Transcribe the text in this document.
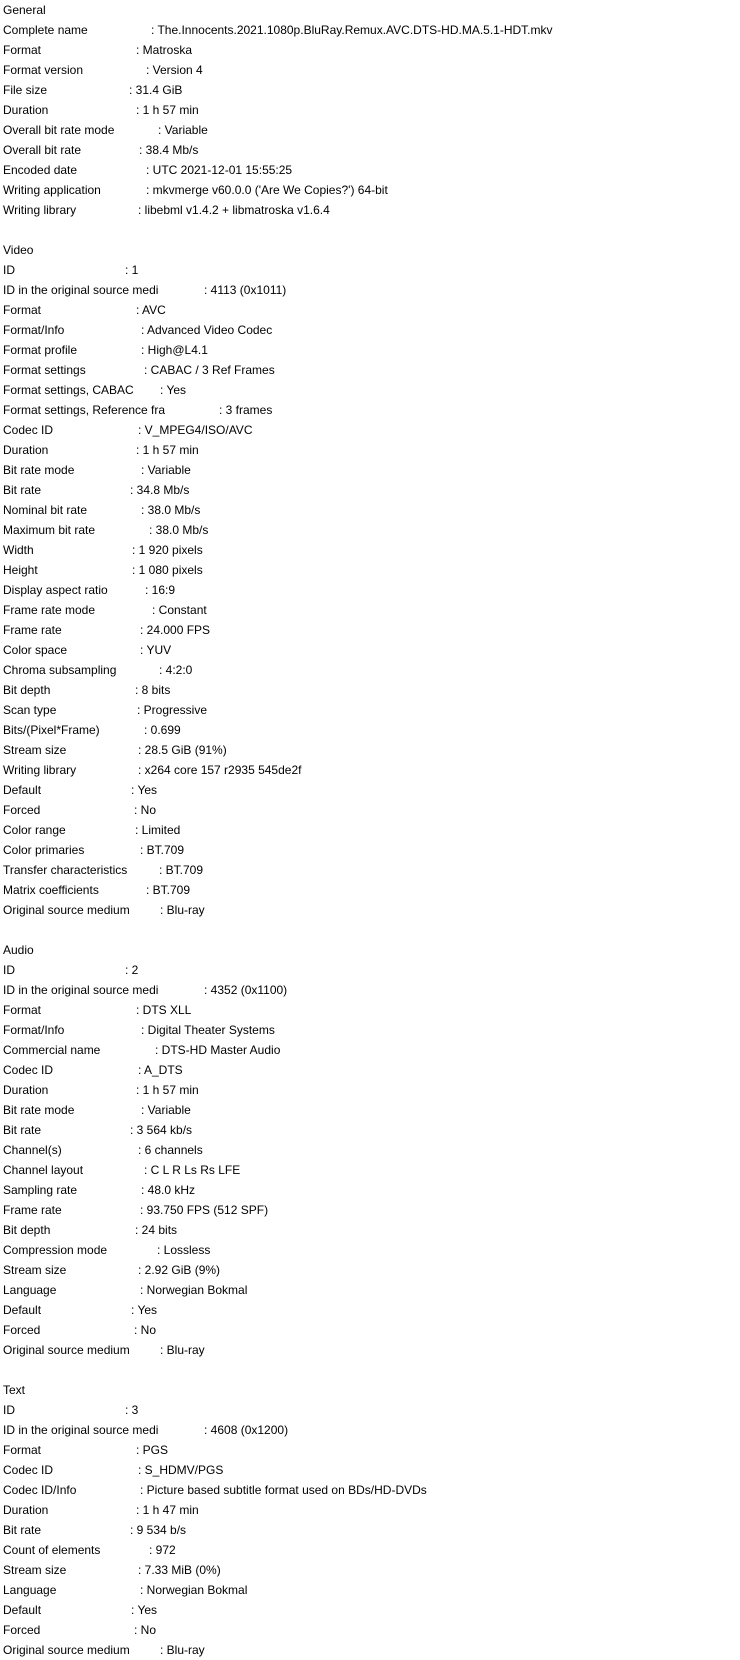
General
Complete name	: The.Innocents.2021.1080p.BluRay.Remux.AVC.DTS-HD.MA.5.1-HDT.mkv
Format	: Matroska
Format version	: Version 4
File size	: 31.4 GiB
Duration	: 1 h 57 min
Overall bit rate mode	: Variable
Overall bit rate	: 38.4 Mb/s
Encoded date	: UTC 2021-12-01 15:55:25
Writing application	: mkvmerge v60.0.0 ('Are We Copies?') 64-bit
Writing library	: libebml v1.4.2 + libmatroska v1.6.4
Video
ID	: 1
ID in the original source medi	: 4113 (0x1011)
Format	: AVC
Format/Info	: Advanced Video Codec
Format profile	: High@L4.1
Format settings	: CABAC / 3 Ref Frames
Format settings, CABAC : Yes
Format settings, Reference fra	: 3 frames
Codec ID	: V_MPEG4/ISO/AVC
Duration	: 1 h 57 min
Bit rate mode	: Variable
Bit rate	: 34.8 Mb/s
Nominal bit rate	: 38.0 Mb/s
Maximum bit rate	: 38.0 Mb/s
Width	: 1 920 pixels
Height	: 1 080 pixels
Display aspect ratio	: 16:9
Frame rate mode	: Constant
Frame rate	: 24.000 FPS
Color space	: YUV
Chroma subsampling	: 4:2:0
Bit depth	: 8 bits
Scan type	: Progressive
Bits/(Pixel*Frame)	: 0.699
Stream size	: 28.5 GiB (91%)
Writing library	: x264 core 157 r2935 545de2f
Default	: Yes
Forced	: No
Color range	: Limited
Color primaries	: BT.709
Transfer characteristics	: BT.709
Matrix coefficients	: BT.709
Original source medium	: Blu-ray
Audio
ID	: 2
ID in the original source medi	: 4352 (0x1100)
Format	: DTS XLL
Format/Info	: Digital Theater Systems
Commercial name	: DTS-HD Master Audio
Codec ID	: A_DTS
Duration	: 1 h 57 min
Bit rate mode	: Variable
Bit rate	: 3 564 kb/s
Channel(s)	: 6 channels
Channel layout	: C L R Ls Rs LFE
Sampling rate	: 48.0 kHz
Frame rate	: 93.750 FPS (512 SPF)
Bit depth	: 24 bits
Compression mode	: Lossless
Stream size	: 2.92 GiB (9%)
Language	: Norwegian Bokmal
Default	: Yes
Forced	: No
Original source medium	: Blu-ray
Text
ID	: 3
ID in the original source medi	: 4608 (0x1200)
Format	: PGS
Codec ID	: S_HDMV/PGS
Codec ID/Info	: Picture based subtitle format used on BDs/HD-DVDs
Duration	: 1 h 47 min
Bit rate	: 9 534 b/s
Count of elements	: 972
Stream size	: 7.33 MiB (0%)
Language	: Norwegian Bokmal
Default	: Yes
Forced	: No
Original source medium	: Blu-ray
